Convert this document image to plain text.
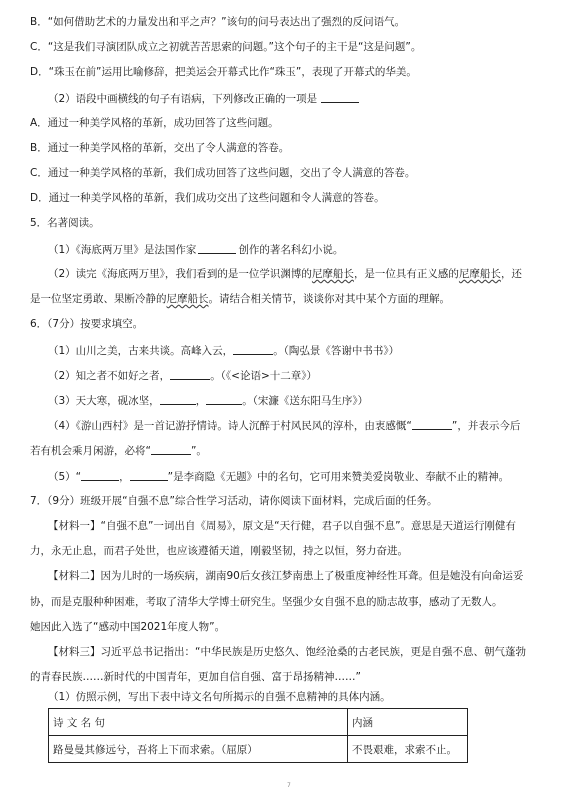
B．“如何借助艺术的力量发出和平之声？”该句的问号表达出了强烈的反问语气。
C．“这是我们寻演团队成立之初就苦苦思索的问题。”这个句子的主干是“这是问题”。
D．“珠玉在前”运用比喻修辞，把美运会开幕式比作“珠玉”，表现了开幕式的华美。
（2）语段中画横线的句子有语病，下列修改正确的一项是
A．通过一种美学风格的革新，成功回答了这些问题。
B．通过一种美学风格的革新，交出了令人满意的答卷。
C．通过一种美学风格的革新，我们成功回答了这些问题，交出了令人满意的答卷。
D．通过一种美学风格的革新，我们成功交出了这些问题和令人满意的答卷。
5．名著阅读。
（1）《海底两万里》是法国作家	创作的著名科幻小说。
（2）读完《海底两万里》，我们看到的是一位学识渊博的尼摩船长，是一位具有正义感的尼摩船长，还
是一位坚定勇敢、果断冷静的尼摩船长。请结合相关情节，谈谈你对其中某个方面的理解。
6．（7分）按要求填空。
（1）山川之美，古来共谈。高峰入云，	。（陶弘景《答谢中书书》）
（2）知之者不如好之者，	。（《<论语>十二章》）
（3）天大寒，砚冰坚，	，	。（宋濂《送东阳马生序》）
（4）《游山西村》是一首记游抒情诗。诗人沉醉于村风民风的淳朴，由衷感慨“	”，并表示今后
若有机会乘月闲游，必将“	”。
（5）“	，	”是李商隐《无题》中的名句，它可用来赞美爱岗敬业、奉献不止的精神。
7．（9分）班级开展“自强不息”综合性学习活动，请你阅读下面材料，完成后面的任务。
【材料一】“自强不息”一词出自《周易》，原文是“天行健，君子以自强不息”。意思是天道运行刚健有
力，永无止息，而君子处世，也应该遵循天道，刚毅坚韧，持之以恒，努力奋进。
【材料二】因为儿时的一场疾病，湖南90后女孩江梦南患上了极重度神经性耳聋。但是她没有向命运妥
协，而是克服种种困难，考取了清华大学博士研究生。坚强少女自强不息的励志故事，感动了无数人。
她因此入选了“感动中国2021年度人物”。
【材料三】习近平总书记指出：“中华民族是历史悠久、饱经沧桑的古老民族，更是自强不息、朝气蓬勃
的青春民族……新时代的中国青年，更加自信自强、富于昂扬精神……”
（1）仿照示例，写出下表中诗文名句所揭示的自强不息精神的具体内涵。
诗 文 名 句	内涵
路曼曼其修远兮，吾将上下而求索。（屈原）	不畏艰难，求索不止。
7
